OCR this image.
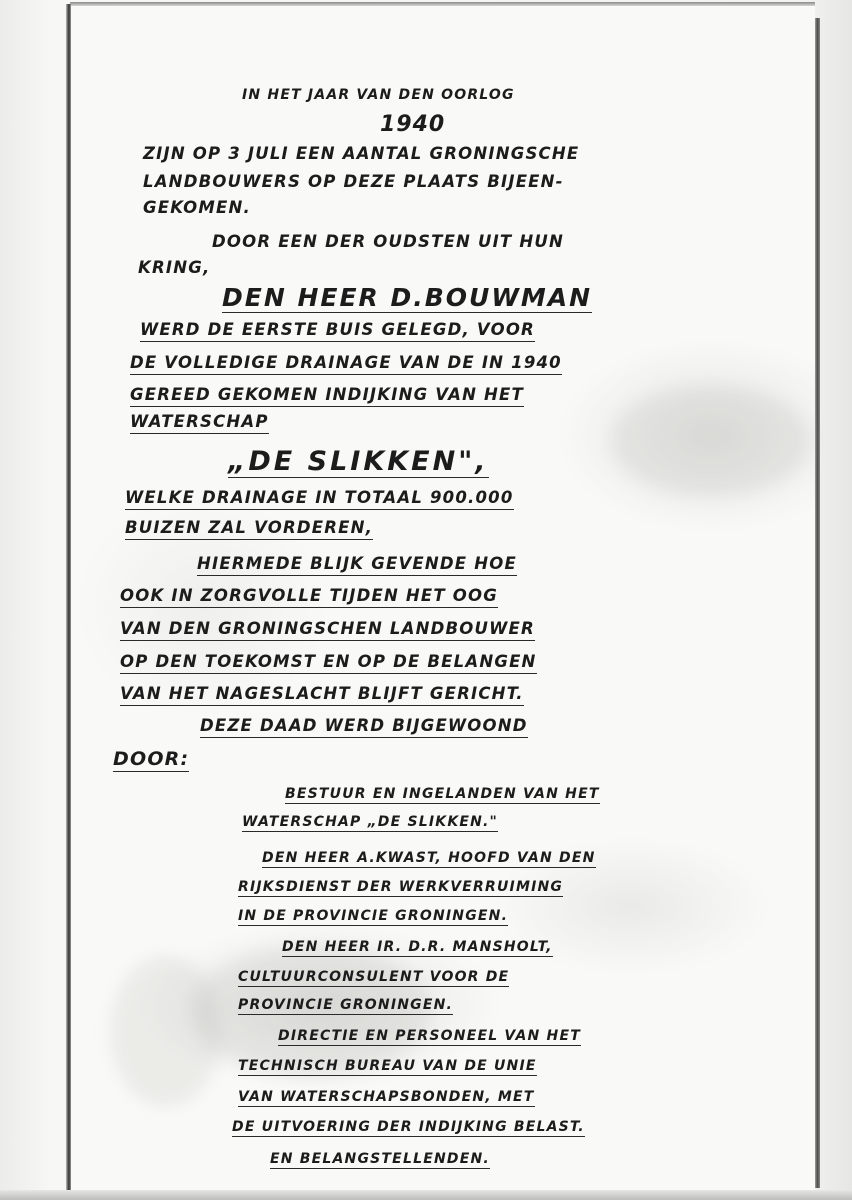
IN HET JAAR VAN DEN OORLOG

1940

ZIJN OP 3 JULI EEN AANTAL GRONINGSCHE

LANDBOUWERS OP DEZE PLAATS BIJEEN-

GEKOMEN.

DOOR EEN DER OUDSTEN UIT HUN

KRING,

DEN HEER D.BOUWMAN

WERD DE EERSTE BUIS GELEGD, VOOR

DE VOLLEDIGE DRAINAGE VAN DE IN 1940

GEREED GEKOMEN INDIJKING VAN HET

WATERSCHAP

„DE SLIKKEN",

WELKE DRAINAGE IN TOTAAL 900.000

BUIZEN ZAL VORDEREN,

HIERMEDE BLIJK GEVENDE HOE

OOK IN ZORGVOLLE TIJDEN HET OOG

VAN DEN GRONINGSCHEN LANDBOUWER

OP DEN TOEKOMST EN OP DE BELANGEN

VAN HET NAGESLACHT BLIJFT GERICHT.

DEZE DAAD WERD BIJGEWOOND

DOOR:

BESTUUR EN INGELANDEN VAN HET

WATERSCHAP „DE SLIKKEN."

DEN HEER A.KWAST, HOOFD VAN DEN

RIJKSDIENST DER WERKVERRUIMING

IN DE PROVINCIE GRONINGEN.

DEN HEER IR. D.R. MANSHOLT,

CULTUURCONSULENT VOOR DE

PROVINCIE GRONINGEN.

DIRECTIE EN PERSONEEL VAN HET

TECHNISCH BUREAU VAN DE UNIE

VAN WATERSCHAPSBONDEN, MET

DE UITVOERING DER INDIJKING BELAST.

EN BELANGSTELLENDEN.
